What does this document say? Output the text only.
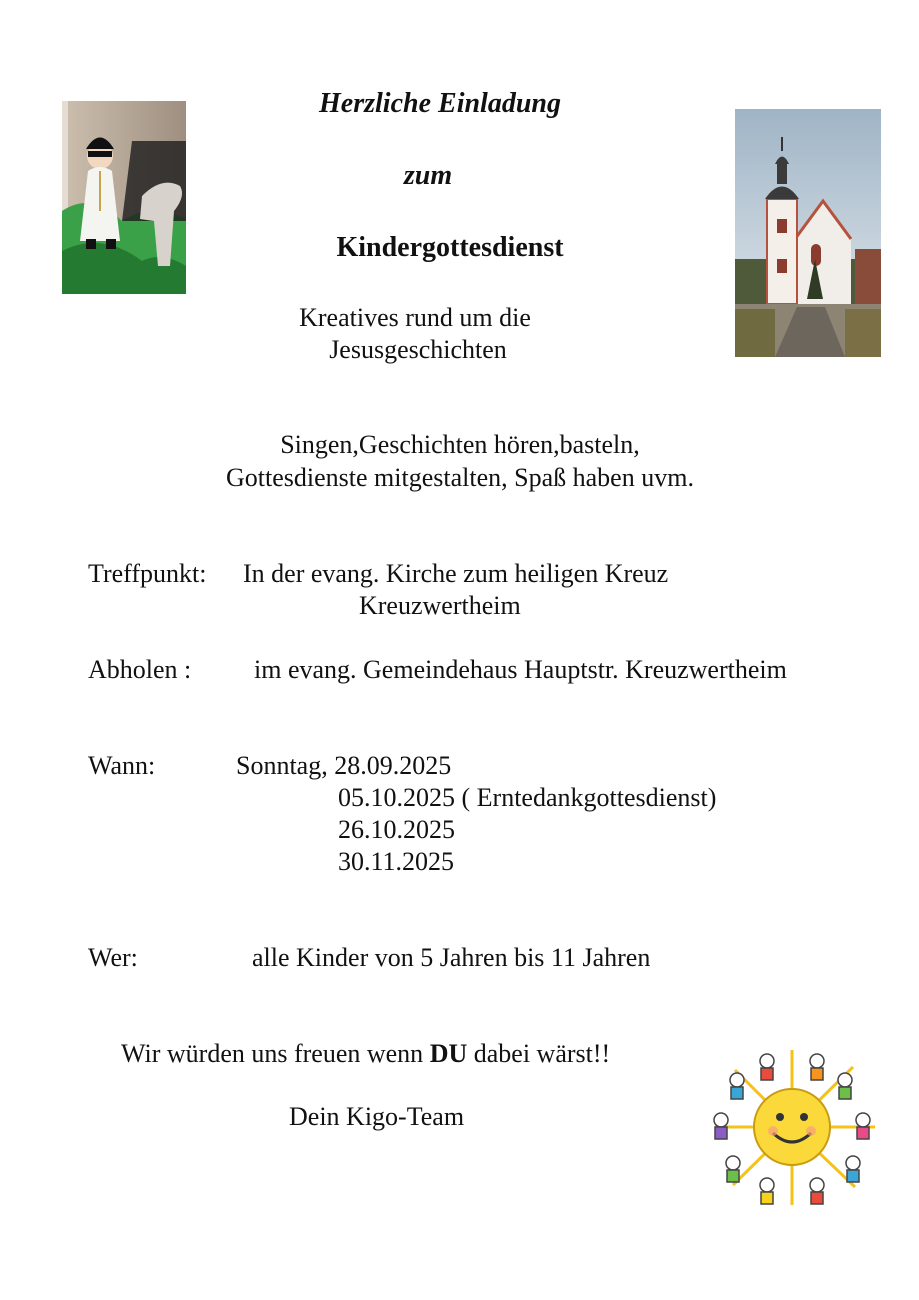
Herzliche Einladung
zum
Kindergottesdienst
Kreatives rund um die
Jesusgeschichten
Singen,Geschichten hören,basteln,
Gottesdienste mitgestalten, Spaß haben uvm.
Treffpunkt: In der evang. Kirche zum heiligen Kreuz
Kreuzwertheim
Abholen : im evang. Gemeindehaus Hauptstr. Kreuzwertheim
Wann:	Sonntag, 28.09.2025
05.10.2025 ( Erntedankgottesdienst)
26.10.2025
30.11.2025
Wer:	alle Kinder von 5 Jahren bis 11 Jahren
Wir würden uns freuen wenn DU dabei wärst!!
Dein Kigo-Team
